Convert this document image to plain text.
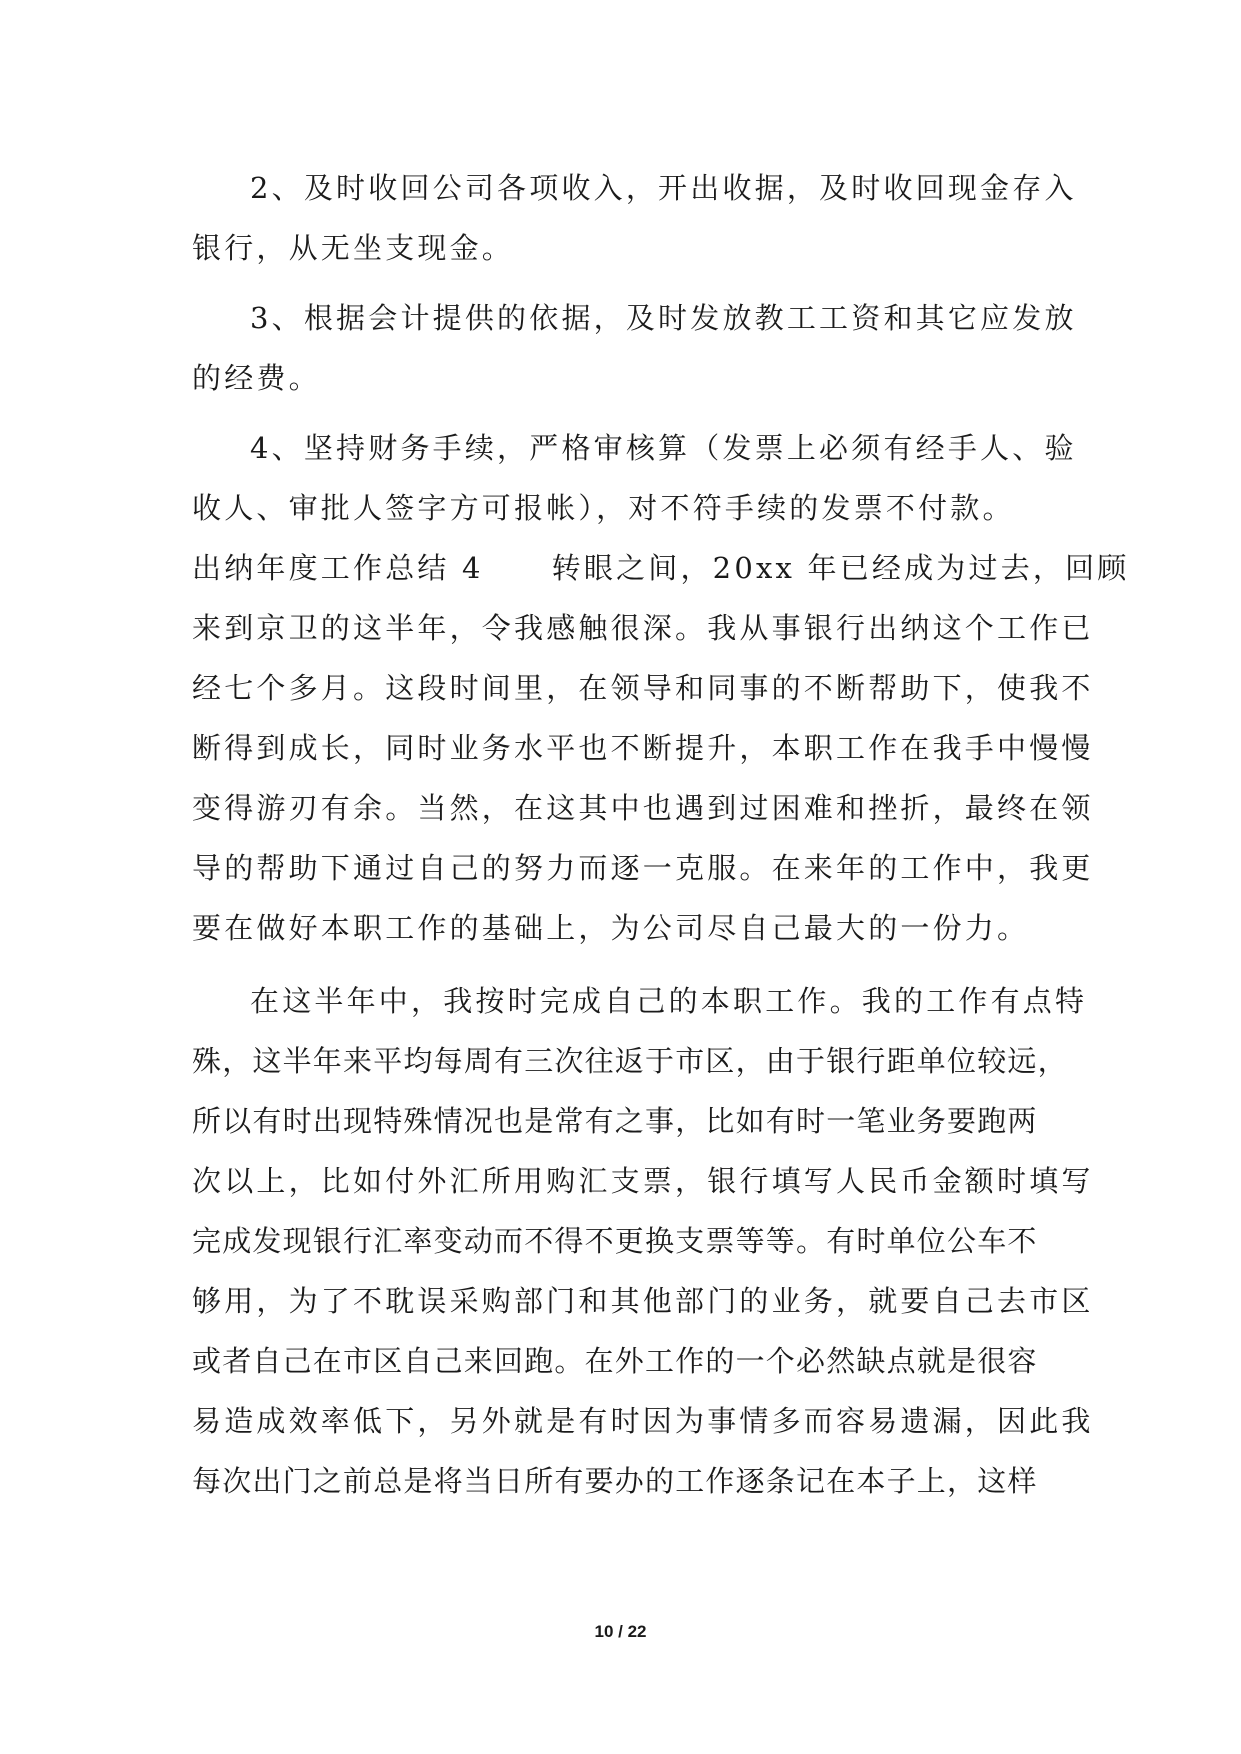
2、及时收回公司各项收入，开出收据，及时收回现金存入
银行，从无坐支现金。
3、根据会计提供的依据，及时发放教工工资和其它应发放
的经费。
4、坚持财务手续，严格审核算（发票上必须有经手人、验
收人、审批人签字方可报帐），对不符手续的发票不付款。
出纳年度工作总结 4 转眼之间，20xx 年已经成为过去，回顾
来到京卫的这半年，令我感触很深。我从事银行出纳这个工作已
经七个多月。这段时间里，在领导和同事的不断帮助下，使我不
断得到成长，同时业务水平也不断提升，本职工作在我手中慢慢
变得游刃有余。当然，在这其中也遇到过困难和挫折，最终在领
导的帮助下通过自己的努力而逐一克服。在来年的工作中，我更
要在做好本职工作的基础上，为公司尽自己最大的一份力。
在这半年中，我按时完成自己的本职工作。我的工作有点特
殊，这半年来平均每周有三次往返于市区，由于银行距单位较远，
所以有时出现特殊情况也是常有之事，比如有时一笔业务要跑两
次以上，比如付外汇所用购汇支票，银行填写人民币金额时填写
完成发现银行汇率变动而不得不更换支票等等。有时单位公车不
够用，为了不耽误采购部门和其他部门的业务，就要自己去市区
或者自己在市区自己来回跑。在外工作的一个必然缺点就是很容
易造成效率低下，另外就是有时因为事情多而容易遗漏，因此我
每次出门之前总是将当日所有要办的工作逐条记在本子上，这样
10 / 22
